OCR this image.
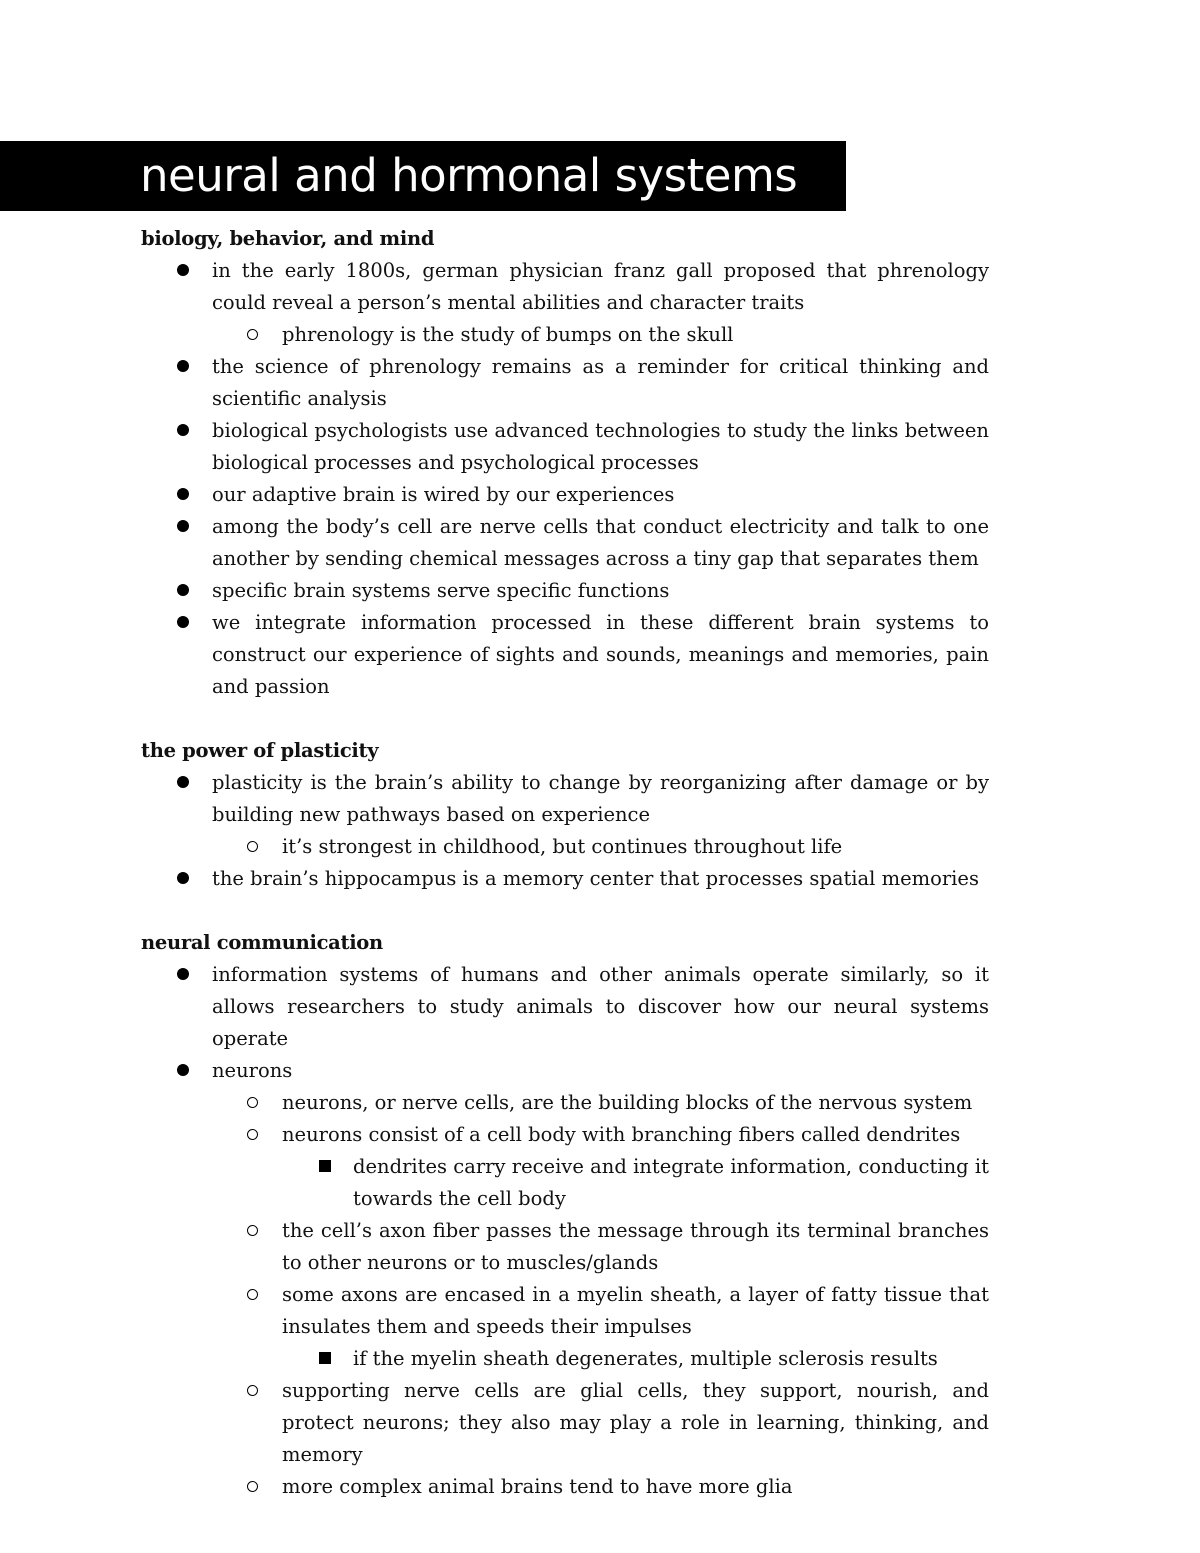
neural and hormonal systems
biology, behavior, and mind
in the early 1800s, german physician franz gall proposed that phrenology could reveal a person’s mental abilities and character traits
phrenology is the study of bumps on the skull
the science of phrenology remains as a reminder for critical thinking and scientific analysis
biological psychologists use advanced technologies to study the links between biological processes and psychological processes
our adaptive brain is wired by our experiences
among the body’s cell are nerve cells that conduct electricity and talk to one another by sending chemical messages across a tiny gap that separates them
specific brain systems serve specific functions
we integrate information processed in these different brain systems to construct our experience of sights and sounds, meanings and memories, pain and passion
the power of plasticity
plasticity is the brain’s ability to change by reorganizing after damage or by building new pathways based on experience
it’s strongest in childhood, but continues throughout life
the brain’s hippocampus is a memory center that processes spatial memories
neural communication
information systems of humans and other animals operate similarly, so it allows researchers to study animals to discover how our neural systems operate
neurons
neurons, or nerve cells, are the building blocks of the nervous system
neurons consist of a cell body with branching fibers called dendrites
dendrites carry receive and integrate information, conducting it towards the cell body
the cell’s axon fiber passes the message through its terminal branches to other neurons or to muscles/glands
some axons are encased in a myelin sheath, a layer of fatty tissue that insulates them and speeds their impulses
if the myelin sheath degenerates, multiple sclerosis results
supporting nerve cells are glial cells, they support, nourish, and protect neurons; they also may play a role in learning, thinking, and memory
more complex animal brains tend to have more glia
